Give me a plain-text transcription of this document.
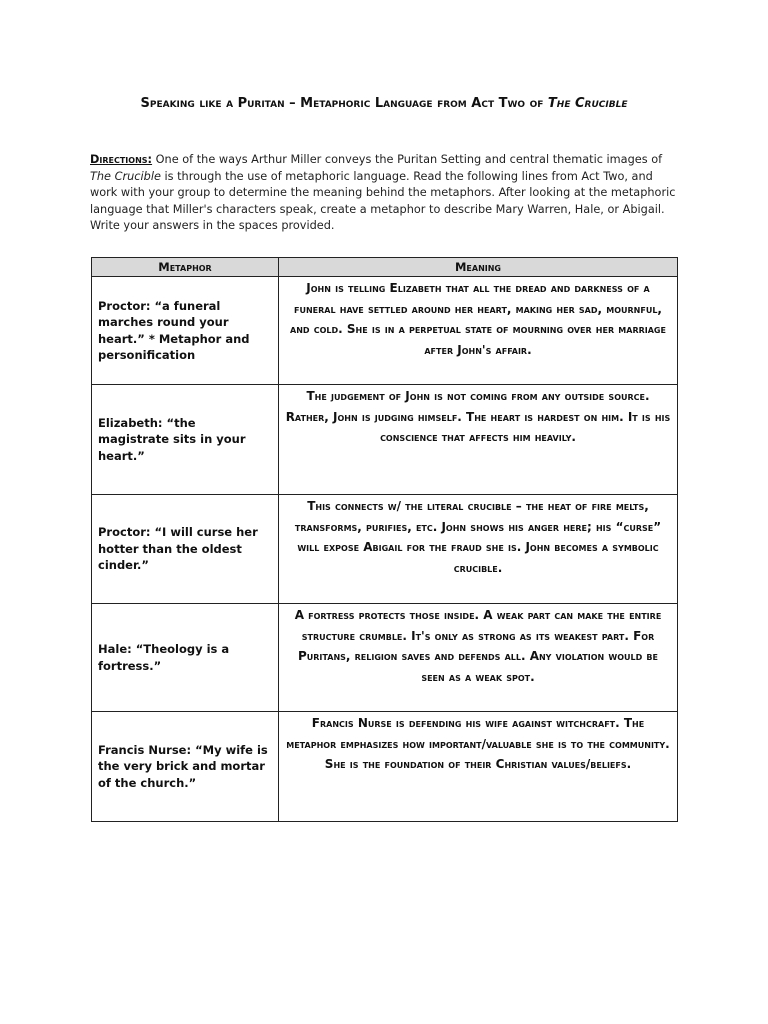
Speaking like a Puritan – Metaphoric Language from Act Two of The Crucible
Directions: One of the ways Arthur Miller conveys the Puritan Setting and central thematic images of The Crucible is through the use of metaphoric language. Read the following lines from Act Two, and work with your group to determine the meaning behind the metaphors. After looking at the metaphoric language that Miller's characters speak, create a metaphor to describe Mary Warren, Hale, or Abigail. Write your answers in the spaces provided.
Metaphor	Meaning
Proctor: “a funeral marches round your heart.” * Metaphor and personification	John is telling Elizabeth that all the dread and darkness of a funeral have settled around her heart, making her sad, mournful, and cold. She is in a perpetual state of mourning over her marriage after John's affair.

Elizabeth: “the magistrate sits in your heart.”	The judgement of John is not coming from any outside source. Rather, John is judging himself. The heart is hardest on him. It is his conscience that affects him heavily.

Proctor: “I will curse her hotter than the oldest cinder.”	This connects w/ the literal crucible – the heat of fire melts, transforms, purifies, etc. John shows his anger here; his “curse” will expose Abigail for the fraud she is. John becomes a symbolic crucible.

Hale: “Theology is a fortress.”	A fortress protects those inside. A weak part can make the entire structure crumble. It's only as strong as its weakest part. For Puritans, religion saves and defends all. Any violation would be seen as a weak spot.

Francis Nurse: “My wife is the very brick and mortar of the church.”	Francis Nurse is defending his wife against witchcraft. The metaphor emphasizes how important/valuable she is to the community. She is the foundation of their Christian values/beliefs.
